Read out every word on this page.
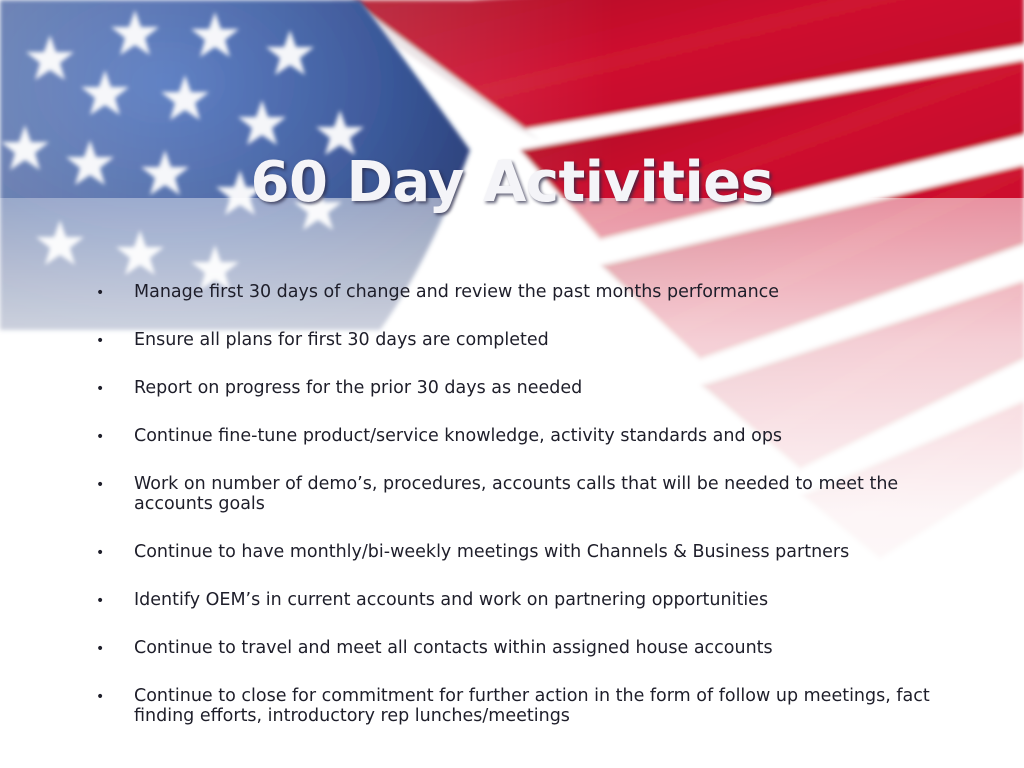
60 Day Activities
• Manage first 30 days of change and review the past months performance
• Ensure all plans for first 30 days are completed
• Report on progress for the prior 30 days as needed
• Continue fine-tune product/service knowledge, activity standards and ops
• Work on number of demo’s, procedures, accounts calls that will be needed to meet the accounts goals
• Continue to have monthly/bi-weekly meetings with Channels & Business partners
• Identify OEM’s in current accounts and work on partnering opportunities
• Continue to travel and meet all contacts within assigned house accounts
• Continue to close for commitment for further action in the form of follow up meetings, fact finding efforts, introductory rep lunches/meetings
